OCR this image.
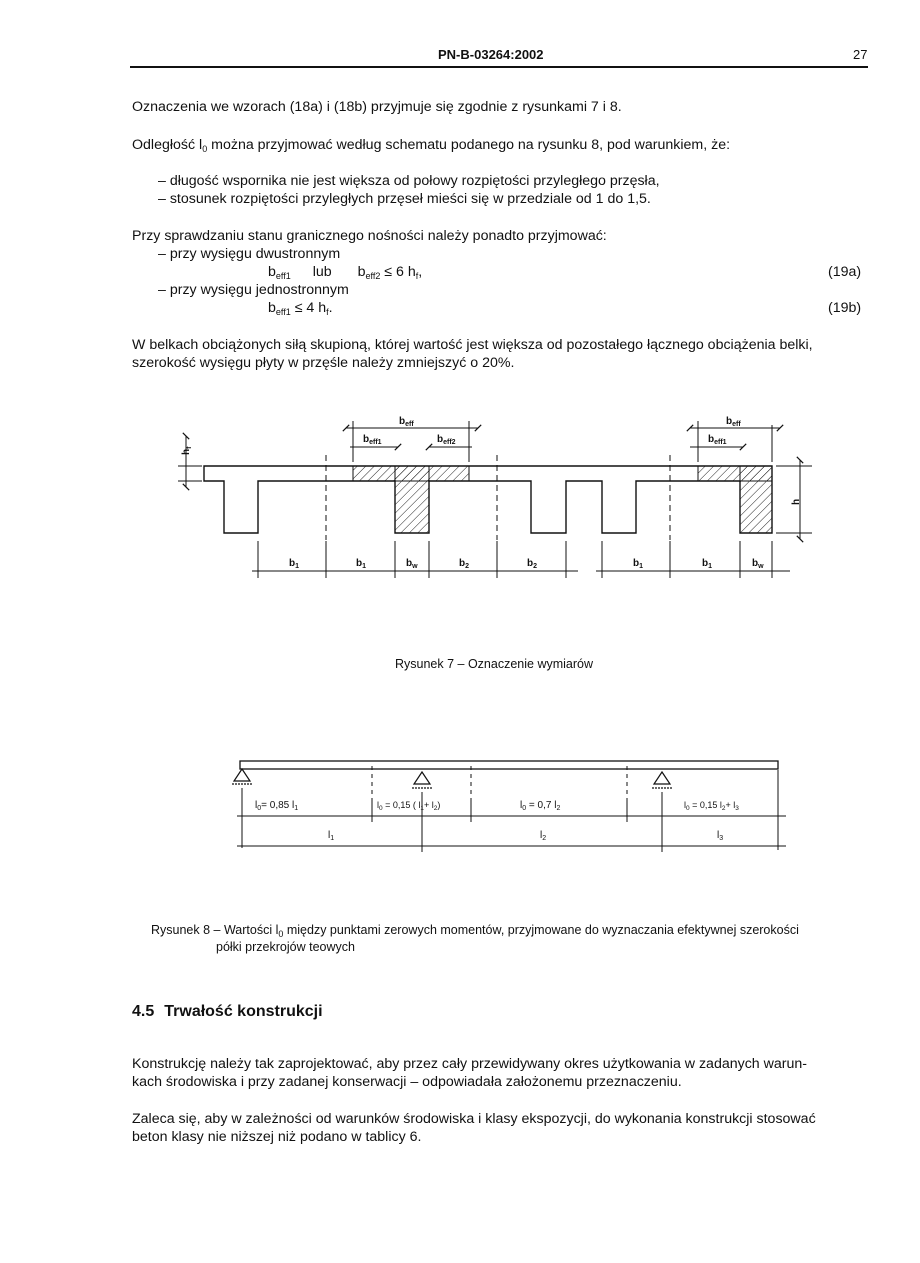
PN-B-03264:2002	27
Oznaczenia we wzorach (18a) i (18b) przyjmuje się zgodnie z rysunkami 7 i 8.
Odległość $l_0$ można przyjmować według schematu podanego na rysunku 8, pod warunkiem, że:
– długość wspornika nie jest większa od połowy rozpiętości przyległego przęsła,
– stosunek rozpiętości przyległych przęseł mieści się w przedziale od 1 do 1,5.
Przy sprawdzaniu stanu granicznego nośności należy ponadto przyjmować:
– przy wysięgu dwustronnym
$b_{eff1}$ lub $b_{eff2} \le 6$ $h_f$,	(19a)
– przy wysięgu jednostronnym
$b_{eff1} \le 4$ $h_f$.	(19b)
W belkach obciążonych siłą skupioną, której wartość jest większa od pozostałego łącznego obciążenia belki,
szerokość wysięgu płyty w przęśle należy zmniejszyć o 20%.
$b_{eff}$
$b_{eff1}$	$b_{eff2}$
$b_{eff}$
$b_{eff1}$
$h_f$
h
$b_1$	$b_1$	$b_w$	$b_2$	$b_2$	$b_1$	$b_1$	$b_w$
Rysunek 7 – Oznaczenie wymiarów
$l_0= 0,85$ $l_1$	$l_0 = 0,15$ ( $l_1+ l_2$)	$l_0 = 0,7$ $l_2$	$l_0 = 0,15$ $l_2+ l_3$
$l_1$	$l_2$	$l_3$
Rysunek 8 – Wartości $l_0$ między punktami zerowych momentów, przyjmowane do wyznaczania efektywnej szerokości
półki przekrojów teowych
4.5 Trwałość konstrukcji
Konstrukcję należy tak zaprojektować, aby przez cały przewidywany okres użytkowania w zadanych warun-
kach środowiska i przy zadanej konserwacji – odpowiadała założonemu przeznaczeniu.
Zaleca się, aby w zależności od warunków środowiska i klasy ekspozycji, do wykonania konstrukcji stosować
beton klasy nie niższej niż podano w tablicy 6.
